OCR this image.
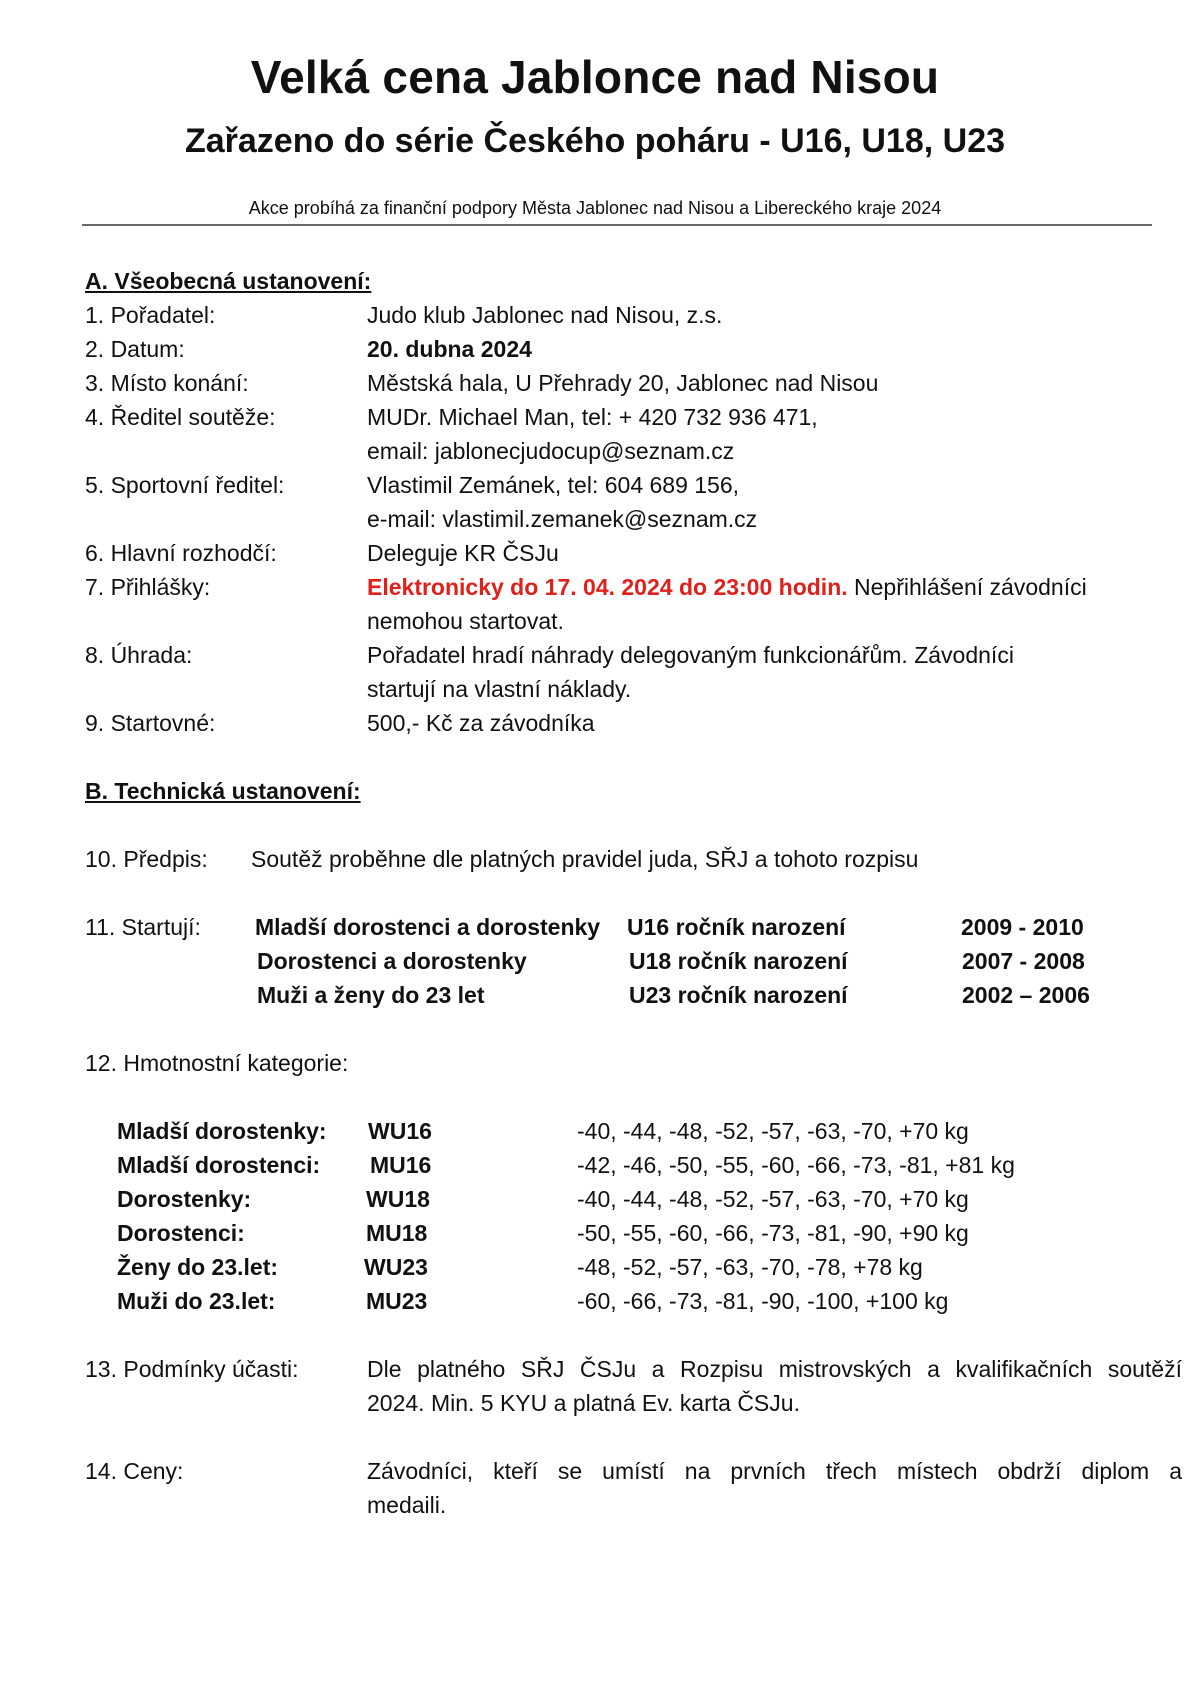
Velká cena Jablonce nad Nisou
Zařazeno do série Českého poháru - U16, U18, U23
Akce probíhá za finanční podpory Města Jablonec nad Nisou a Libereckého kraje 2024
A. Všeobecná ustanovení:
1. Pořadatel:	Judo klub Jablonec nad Nisou, z.s.
2. Datum:	20. dubna 2024
3. Místo konání:	Městská hala, U Přehrady 20, Jablonec nad Nisou
4. Ředitel soutěže:	MUDr. Michael Man, tel: + 420 732 936 471,
email: jablonecjudocup@seznam.cz
5. Sportovní ředitel:	Vlastimil Zemánek, tel: 604 689 156,
e-mail: vlastimil.zemanek@seznam.cz
6. Hlavní rozhodčí:	Deleguje KR ČSJu
7. Přihlášky:	Elektronicky do 17. 04. 2024 do 23:00 hodin. Nepřihlášení závodníci
nemohou startovat.
8. Úhrada:	Pořadatel hradí náhrady delegovaným funkcionářům. Závodníci
startují na vlastní náklady.
9. Startovné:	500,- Kč za závodníka
B. Technická ustanovení:
10. Předpis: Soutěž proběhne dle platných pravidel juda, SŘJ a tohoto rozpisu
11. Startují: Mladší dorostenci a dorostenky U16 ročník narození	2009 - 2010
Dorostenci a dorostenky	U18 ročník narození	2007 - 2008
Muži a ženy do 23 let	U23 ročník narození	2002 – 2006
12. Hmotnostní kategorie:
Mladší dorostenky: WU16	-40, -44, -48, -52, -57, -63, -70, +70 kg
Mladší dorostenci: MU16	-42, -46, -50, -55, -60, -66, -73, -81, +81 kg
Dorostenky:	WU18	-40, -44, -48, -52, -57, -63, -70, +70 kg
Dorostenci:	MU18	-50, -55, -60, -66, -73, -81, -90, +90 kg
Ženy do 23.let:	WU23	-48, -52, -57, -63, -70, -78, +78 kg
Muži do 23.let:	MU23	-60, -66, -73, -81, -90, -100, +100 kg
13. Podmínky účasti:	Dle platného SŘJ ČSJu a Rozpisu mistrovských a kvalifikačních soutěží
2024. Min. 5 KYU a platná Ev. karta ČSJu.
14. Ceny:	Závodníci, kteří se umístí na prvních třech místech obdrží diplom a
medaili.
